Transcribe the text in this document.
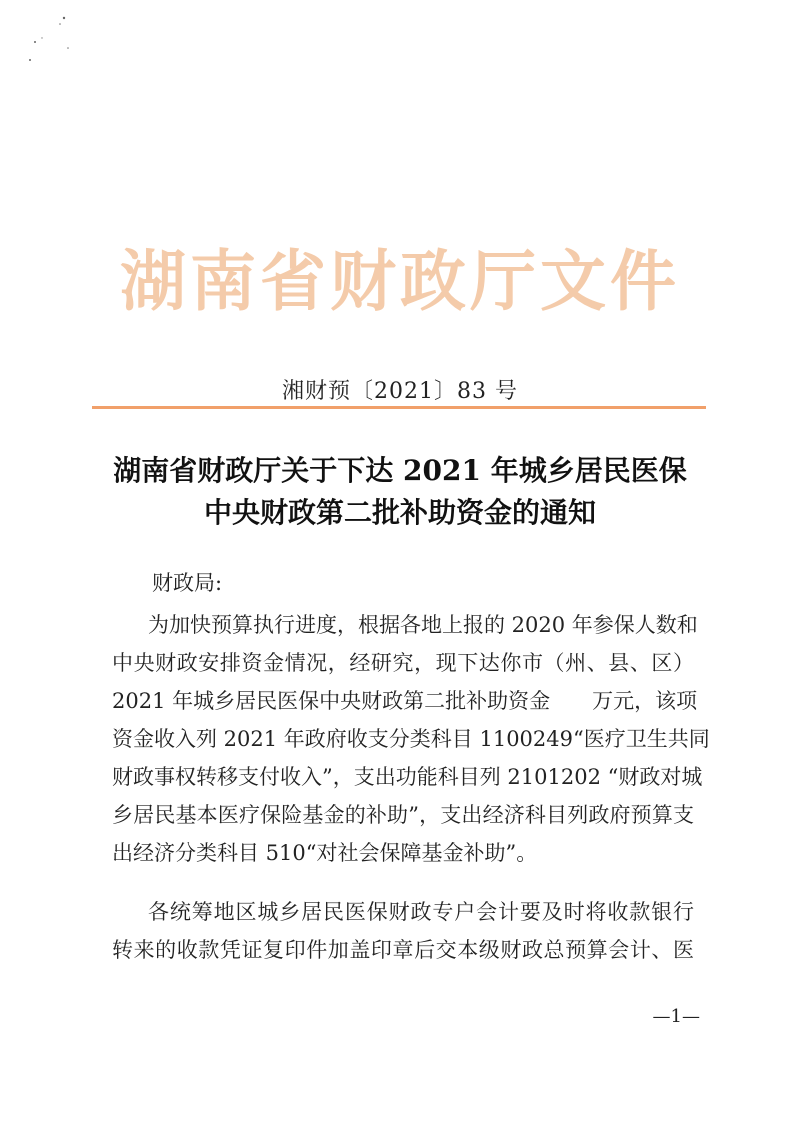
湖南省财政厅文件
湘财预〔2021〕83 号
湖南省财政厅关于下达 2021 年城乡居民医保
中央财政第二批补助资金的通知
财政局:
为加快预算执行进度，根据各地上报的 2020 年参保人数和
中央财政安排资金情况，经研究，现下达你市（州、县、区）
2021 年城乡居民医保中央财政第二批补助资金　　万元，该项
资金收入列 2021 年政府收支分类科目 1100249“医疗卫生共同
财政事权转移支付收入”，支出功能科目列 2101202 “财政对城
乡居民基本医疗保险基金的补助”，支出经济科目列政府预算支
出经济分类科目 510“对社会保障基金补助”。
各统筹地区城乡居民医保财政专户会计要及时将收款银行
转来的收款凭证复印件加盖印章后交本级财政总预算会计、医
—1—
